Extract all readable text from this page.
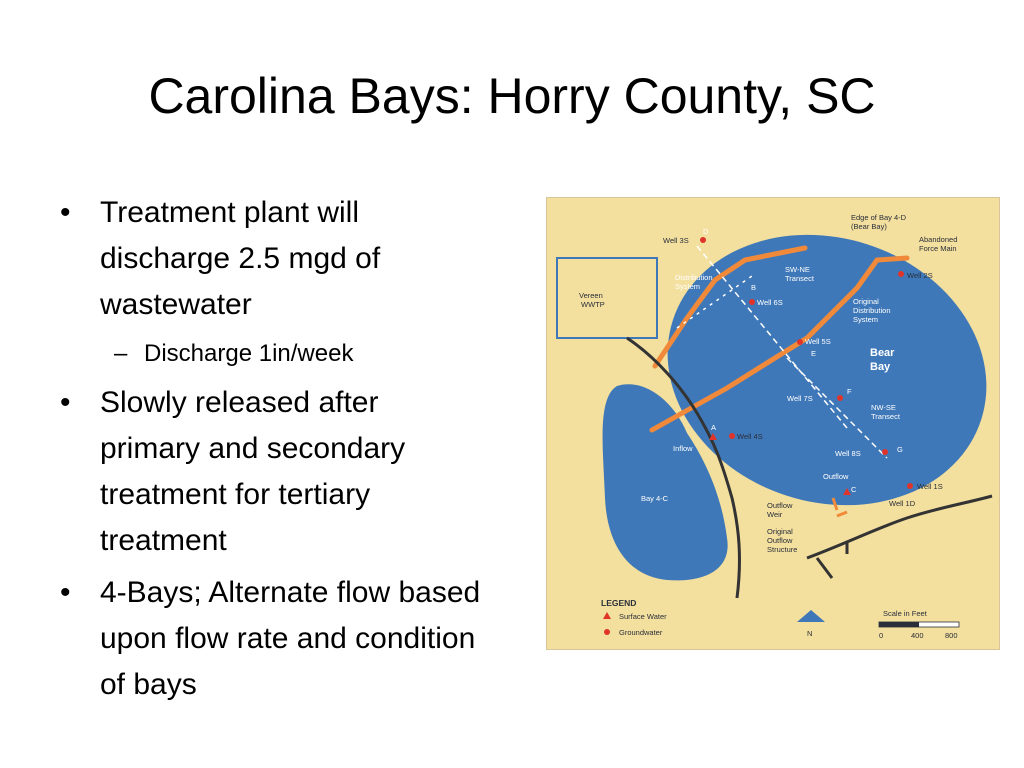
Carolina Bays: Horry County, SC
• Treatment plant will discharge 2.5 mgd of wastewater
– Discharge 1in/week
• Slowly released after primary and secondary treatment for tertiary treatment
• 4-Bays; Alternate flow based upon flow rate and condition of bays
Edge of Bay 4-D
(Bear Bay)
Abandoned
Force Main
Vereen
WWTP
Well 3S
Well 2S
Well 6S
Well 5S
Well 7S
Well 4S
Well 8S
Well 1S
Well 1D
Distribution
System
SW-NE
Transect
Original
Distribution
System
Bear
Bay
NW-SE
Transect
Inflow
Outflow
Bay 4-C
Outflow
Weir
Original
Outflow
Structure
D
B
E
F
G
A
C
LEGEND
Surface Water
Groundwater	N
Scale in Feet
0	400	800
